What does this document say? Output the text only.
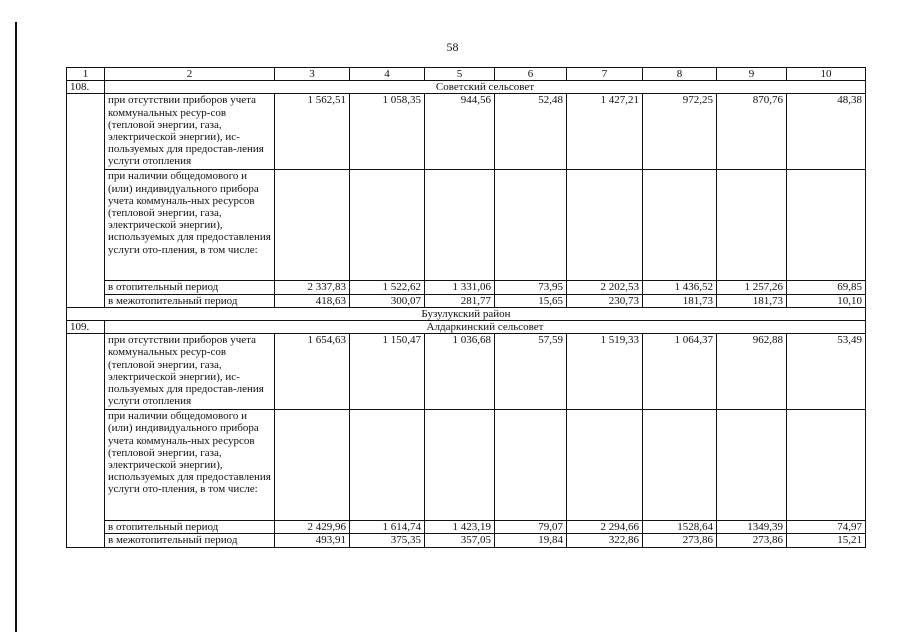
58
1	2	3	4	5	6	7	8	9	10
108.	Советский сельсовет								
	при отсутствии приборов учета коммунальных ресур-сов (тепловой энергии, газа, электрической энергии), ис-пользуемых для предостав-ления услуги отопления	1 562,51	1 058,35	944,56	52,48	1 427,21	972,25	870,76	48,38
	при наличии общедомового и (или) индивидуального прибора учета коммуналь-ных ресурсов (тепловой энергии, газа, электрической энергии), используемых для предоставления услуги ото-пления, в том числе:								
	в отопительный период	2 337,83	1 522,62	1 331,06	73,95	2 202,53	1 436,52	1 257,26	69,85
	в межотопительный период	418,63	300,07	281,77	15,65	230,73	181,73	181,73	10,10
Бузулукский район									
109.	Алдаркинский сельсовет								
	при отсутствии приборов учета коммунальных ресур-сов (тепловой энергии, газа, электрической энергии), ис-пользуемых для предостав-ления услуги отопления	1 654,63	1 150,47	1 036,68	57,59	1 519,33	1 064,37	962,88	53,49
	при наличии общедомового и (или) индивидуального прибора учета коммуналь-ных ресурсов (тепловой энергии, газа, электрической энергии), используемых для предоставления услуги ото-пления, в том числе:								
	в отопительный период	2 429,96	1 614,74	1 423,19	79,07	2 294,66	1528,64	1349,39	74,97
	в межотопительный период	493,91	375,35	357,05	19,84	322,86	273,86	273,86	15,21
